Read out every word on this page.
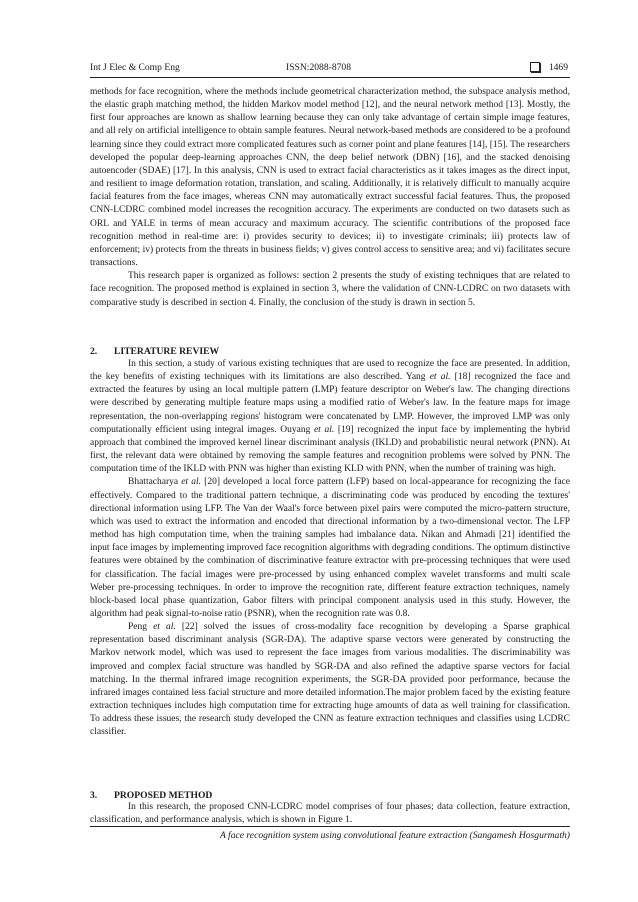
Int J Elec & Comp Eng	ISSN:2088-8708	1469

methods for face recognition, where the methods include geometrical characterization method, the subspace analysis method, the elastic graph matching method, the hidden Markov model method [12], and the neural network method [13]. Mostly, the first four approaches are known as shallow learning because they can only take advantage of certain simple image features, and all rely on artificial intelligence to obtain sample features. Neural network-based methods are considered to be a profound learning since they could extract more complicated features such as corner point and plane features [14], [15]. The researchers developed the popular deep-learning approaches CNN, the deep belief network (DBN) [16], and the stacked denoising autoencoder (SDAE) [17]. In this analysis, CNN is used to extract facial characteristics as it takes images as the direct input, and resilient to image deformation rotation, translation, and scaling. Additionally, it is relatively difficult to manually acquire facial features from the face images, whereas CNN may automatically extract successful facial features. Thus, the proposed CNN-LCDRC combined model increases the recognition accuracy. The experiments are conducted on two datasets such as ORL and YALE in terms of mean accuracy and maximum accuracy. The scientific contributions of the proposed face recognition method in real-time are: i) provides security to devices; ii) to investigate criminals; iii) protects law of enforcement; iv) protects from the threats in business fields; v) gives control access to sensitive area; and vi) facilitates secure transactions.

This research paper is organized as follows: section 2 presents the study of existing techniques that are related to face recognition. The proposed method is explained in section 3, where the validation of CNN-LCDRC on two datasets with comparative study is described in section 4. Finally, the conclusion of the study is drawn in section 5.

2. LITERATURE REVIEW

In this section, a study of various existing techniques that are used to recognize the face are presented. In addition, the key benefits of existing techniques with its limitations are also described. Yang et al. [18] recognized the face and extracted the features by using an local multiple pattern (LMP) feature descriptor on Weber's law. The changing directions were described by generating multiple feature maps using a modified ratio of Weber's law. In the feature maps for image representation, the non-overlapping regions' histogram were concatenated by LMP. However, the improved LMP was only computationally efficient using integral images. Ouyang et al. [19] recognized the input face by implementing the hybrid approach that combined the improved kernel linear discriminant analysis (IKLD) and probabilistic neural network (PNN). At first, the relevant data were obtained by removing the sample features and recognition problems were solved by PNN. The computation time of the IKLD with PNN was higher than existing KLD with PNN, when the number of training was high.

Bhattacharya et al. [20] developed a local force pattern (LFP) based on local-appearance for recognizing the face effectively. Compared to the traditional pattern technique, a discriminating code was produced by encoding the textures' directional information using LFP. The Van der Waal's force between pixel pairs were computed the micro-pattern structure, which was used to extract the information and encoded that directional information by a two-dimensional vector. The LFP method has high computation time, when the training samples had imbalance data. Nikan and Ahmadi [21] identified the input face images by implementing improved face recognition algorithms with degrading conditions. The optimum distinctive features were obtained by the combination of discriminative feature extractor with pre-processing techniques that were used for classification. The facial images were pre-processed by using enhanced complex wavelet transforms and multi scale Weber pre-processing techniques. In order to improve the recognition rate, different feature extraction techniques, namely block-based local phase quantization, Gabor filters with principal component analysis used in this study. However, the algorithm had peak signal-to-noise ratio (PSNR), when the recognition rate was 0.8.

Peng et al. [22] solved the issues of cross-modality face recognition by developing a Sparse graphical representation based discriminant analysis (SGR-DA). The adaptive sparse vectors were generated by constructing the Markov network model, which was used to represent the face images from various modalities. The discriminability was improved and complex facial structure was handled by SGR-DA and also refined the adaptive sparse vectors for facial matching. In the thermal infrared image recognition experiments, the SGR-DA provided poor performance, because the infrared images contained less facial structure and more detailed information.The major problem faced by the existing feature extraction techniques includes high computation time for extracting huge amounts of data as well training for classification. To address these issues, the research study developed the CNN as feature extraction techniques and classifies using LCDRC classifier.

3. PROPOSED METHOD

In this research, the proposed CNN-LCDRC model comprises of four phases; data collection, feature extraction, classification, and performance analysis, which is shown in Figure 1.

A face recognition system using convolutional feature extraction (Sangamesh Hosgurmath)
